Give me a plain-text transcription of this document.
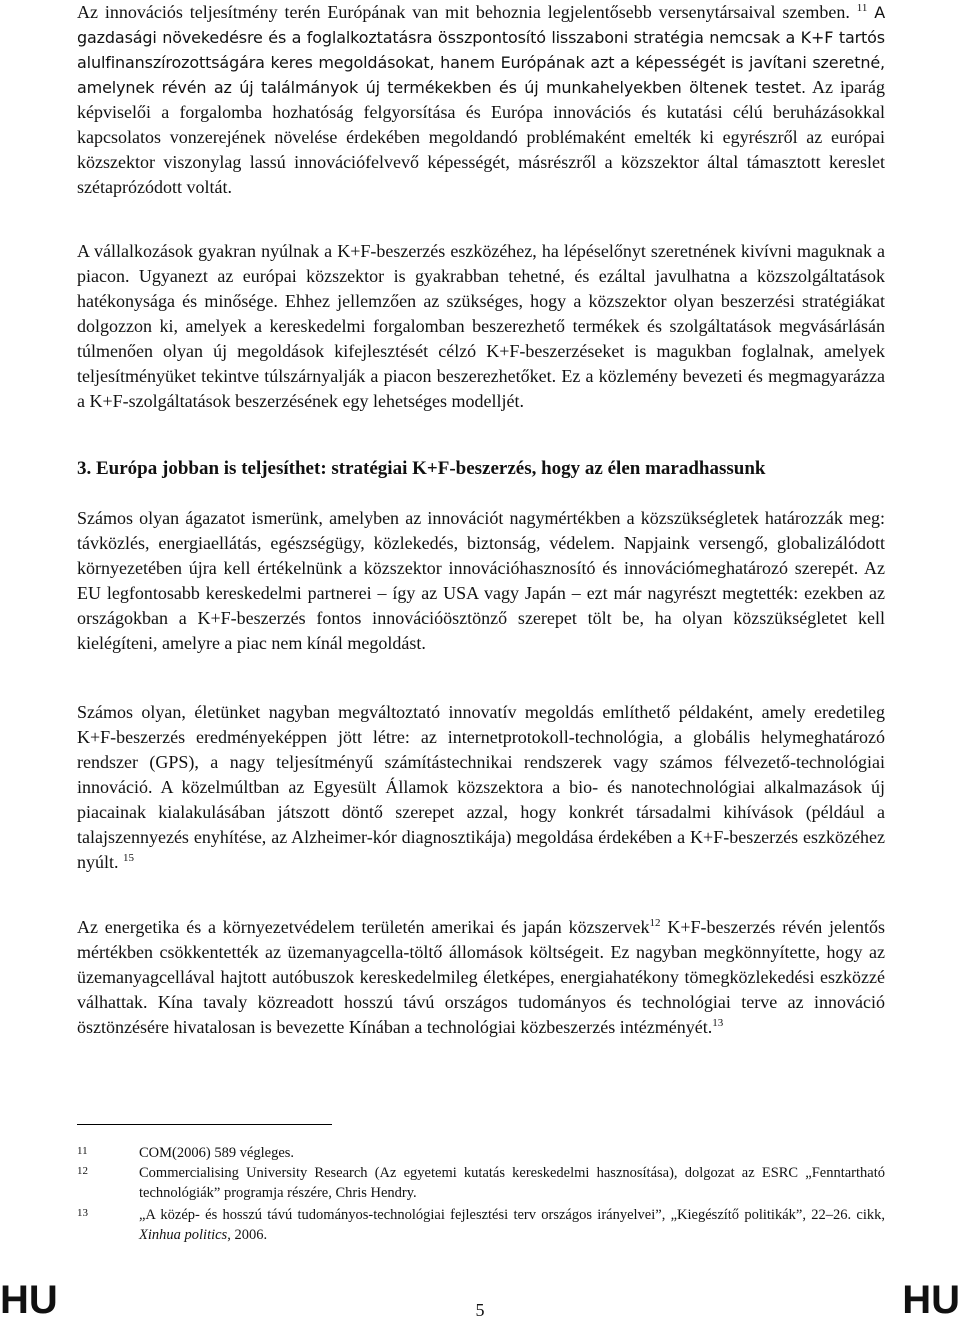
Az innovációs teljesítmény terén Európának van mit behoznia legjelentősebb versenytársaival szemben. $^{11}$ A gazdasági növekedésre és a foglalkoztatásra összpontosító lisszaboni stratégia nemcsak a K+F tartós alulfinanszírozottságára keres megoldásokat, hanem Európának azt a képességét is javítani szeretné, amelynek révén az új találmányok új termékekben és új munkahelyekben öltenek testet. Az iparág képviselői a forgalomba hozhatóság felgyorsítása és Európa innovációs és kutatási célú beruházásokkal kapcsolatos vonzerejének növelése érdekében megoldandó problémaként emelték ki egyrészről az európai közszektor viszonylag lassú innovációfelvevő képességét, másrészről a közszektor által támasztott kereslet szétaprózódott voltát.

A vállalkozások gyakran nyúlnak a K+F-beszerzés eszközéhez, ha lépéselőnyt szeretnének kivívni maguknak a piacon. Ugyanezt az európai közszektor is gyakrabban tehetné, és ezáltal javulhatna a közszolgáltatások hatékonysága és minősége. Ehhez jellemzően az szükséges, hogy a közszektor olyan beszerzési stratégiákat dolgozzon ki, amelyek a kereskedelmi forgalomban beszerezhető termékek és szolgáltatások megvásárlásán túlmenően olyan új megoldások kifejlesztését célzó K+F-beszerzéseket is magukban foglalnak, amelyek teljesítményüket tekintve túlszárnyalják a piacon beszerezhetőket. Ez a közlemény bevezeti és megmagyarázza a K+F-szolgáltatások beszerzésének egy lehetséges modelljét.

3. Európa jobban is teljesíthet: stratégiai K+F-beszerzés, hogy az élen maradhassunk

Számos olyan ágazatot ismerünk, amelyben az innovációt nagymértékben a közszükségletek határozzák meg: távközlés, energiaellátás, egészségügy, közlekedés, biztonság, védelem. Napjaink versengő, globalizálódott környezetében újra kell értékelnünk a közszektor innovációhasznosító és innovációmeghatározó szerepét. Az EU legfontosabb kereskedelmi partnerei – így az USA vagy Japán – ezt már nagyrészt megtették: ezekben az országokban a K+F-beszerzés fontos innovációösztönző szerepet tölt be, ha olyan közszükségletet kell kielégíteni, amelyre a piac nem kínál megoldást.

Számos olyan, életünket nagyban megváltoztató innovatív megoldás említhető példaként, amely eredetileg K+F-beszerzés eredményeképpen jött létre: az internetprotokoll-technológia, a globális helymeghatározó rendszer (GPS), a nagy teljesítményű számítástechnikai rendszerek vagy számos félvezető-technológiai innováció. A közelmúltban az Egyesült Államok közszektora a bio- és nanotechnológiai alkalmazások új piacainak kialakulásában játszott döntő szerepet azzal, hogy konkrét társadalmi kihívások (például a talajszennyezés enyhítése, az Alzheimer-kór diagnosztikája) megoldása érdekében a K+F-beszerzés eszközéhez nyúlt. $^{15}$

Az energetika és a környezetvédelem területén amerikai és japán közszervek$^{12}$ K+F-beszerzés révén jelentős mértékben csökkentették az üzemanyagcella-töltő állomások költségeit. Ez nagyban megkönnyítette, hogy az üzemanyagcellával hajtott autóbuszok kereskedelmileg életképes, energiahatékony tömegközlekedési eszközzé válhattak. Kína tavaly közreadott hosszú távú országos tudományos és technológiai terve az innováció ösztönzésére hivatalosan is bevezette Kínában a technológiai közbeszerzés intézményét.$^{13}$

11	COM(2006) 589 végleges.
12	Commercialising University Research (Az egyetemi kutatás kereskedelmi hasznosítása), dolgozat az ESRC „Fenntartható technológiák” programja részére, Chris Hendry.
13	„A közép- és hosszú távú tudományos-technológiai fejlesztési terv országos irányelvei”, „Kiegészítő politikák”, 22–26. cikk, Xinhua politics, 2006.
HU	5	HU
